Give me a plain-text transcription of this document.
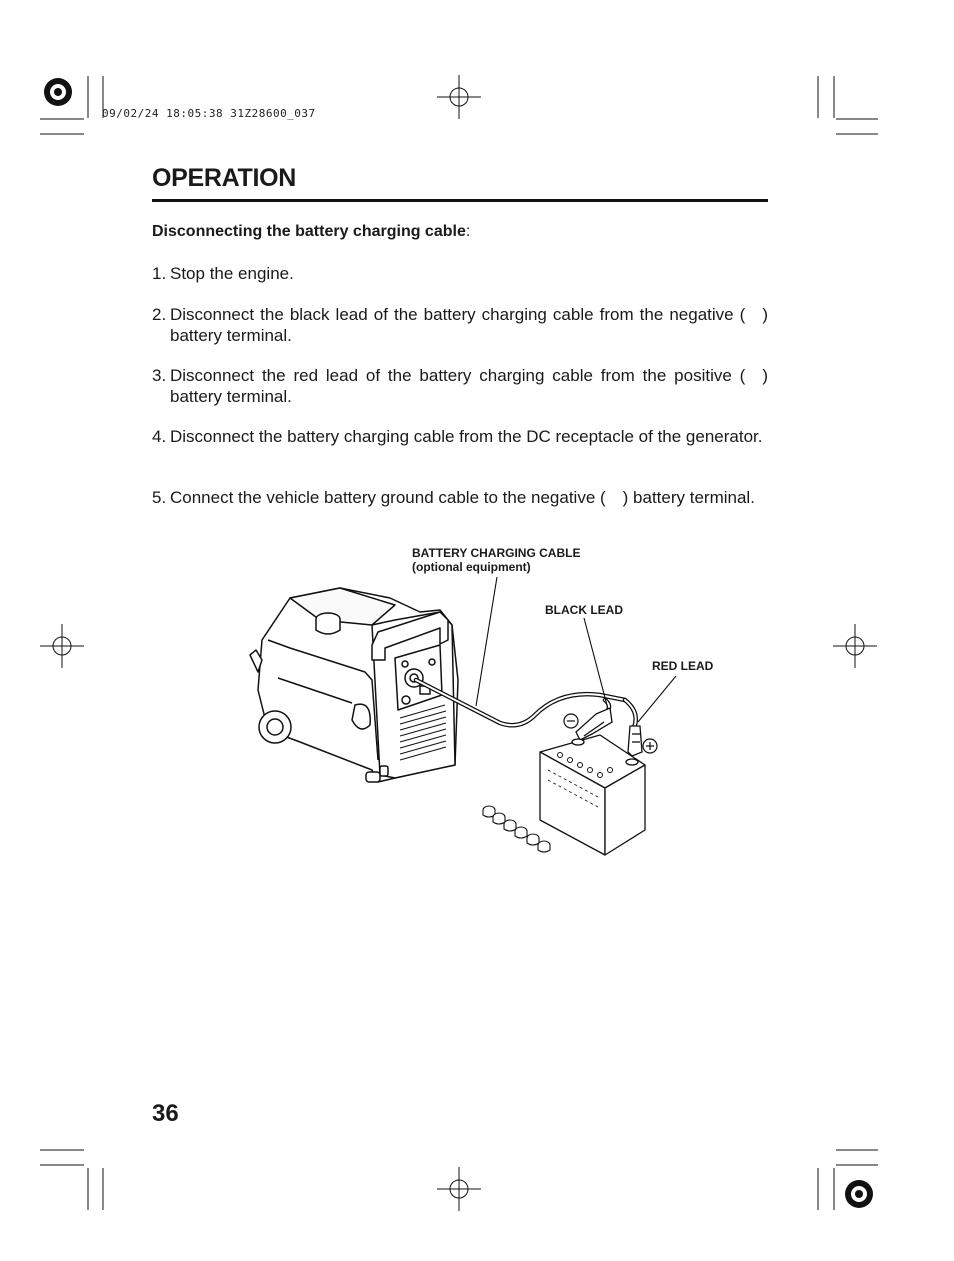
09/02/24 18:05:38 31Z28600_037
OPERATION
Disconnecting the battery charging cable:
1. Stop the engine.
2. Disconnect the black lead of the battery charging cable from the negative ( ) battery terminal.
3. Disconnect the red lead of the battery charging cable from the positive ( ) battery terminal.
4. Disconnect the battery charging cable from the DC receptacle of the generator.
5. Connect the vehicle battery ground cable to the negative ( ) battery terminal.
BATTERY CHARGING CABLE
(optional equipment)
BLACK LEAD
RED LEAD
36
